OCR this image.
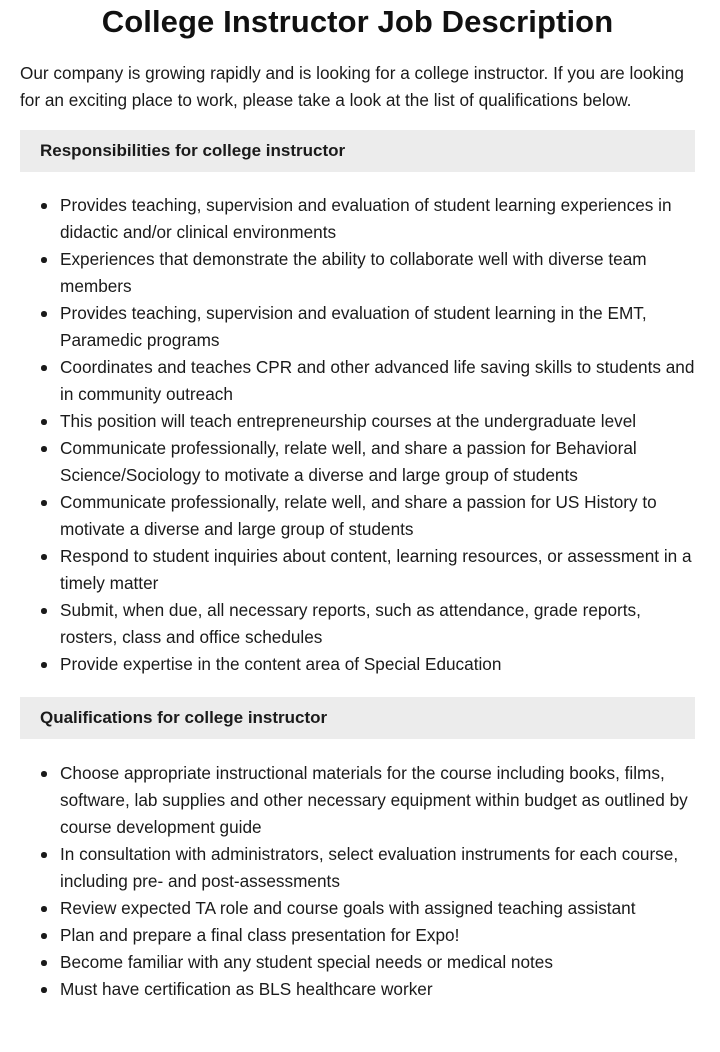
College Instructor Job Description

Our company is growing rapidly and is looking for a college instructor. If you are looking for an exciting place to work, please take a look at the list of qualifications below.

Responsibilities for college instructor
Provides teaching, supervision and evaluation of student learning experiences in didactic and/or clinical environments
Experiences that demonstrate the ability to collaborate well with diverse team members
Provides teaching, supervision and evaluation of student learning in the EMT, Paramedic programs
Coordinates and teaches CPR and other advanced life saving skills to students and in community outreach
This position will teach entrepreneurship courses at the undergraduate level
Communicate professionally, relate well, and share a passion for Behavioral Science/Sociology to motivate a diverse and large group of students
Communicate professionally, relate well, and share a passion for US History to motivate a diverse and large group of students
Respond to student inquiries about content, learning resources, or assessment in a timely matter
Submit, when due, all necessary reports, such as attendance, grade reports, rosters, class and office schedules
Provide expertise in the content area of Special Education
Qualifications for college instructor
Choose appropriate instructional materials for the course including books, films, software, lab supplies and other necessary equipment within budget as outlined by course development guide
In consultation with administrators, select evaluation instruments for each course, including pre- and post-assessments
Review expected TA role and course goals with assigned teaching assistant
Plan and prepare a final class presentation for Expo!
Become familiar with any student special needs or medical notes
Must have certification as BLS healthcare worker
